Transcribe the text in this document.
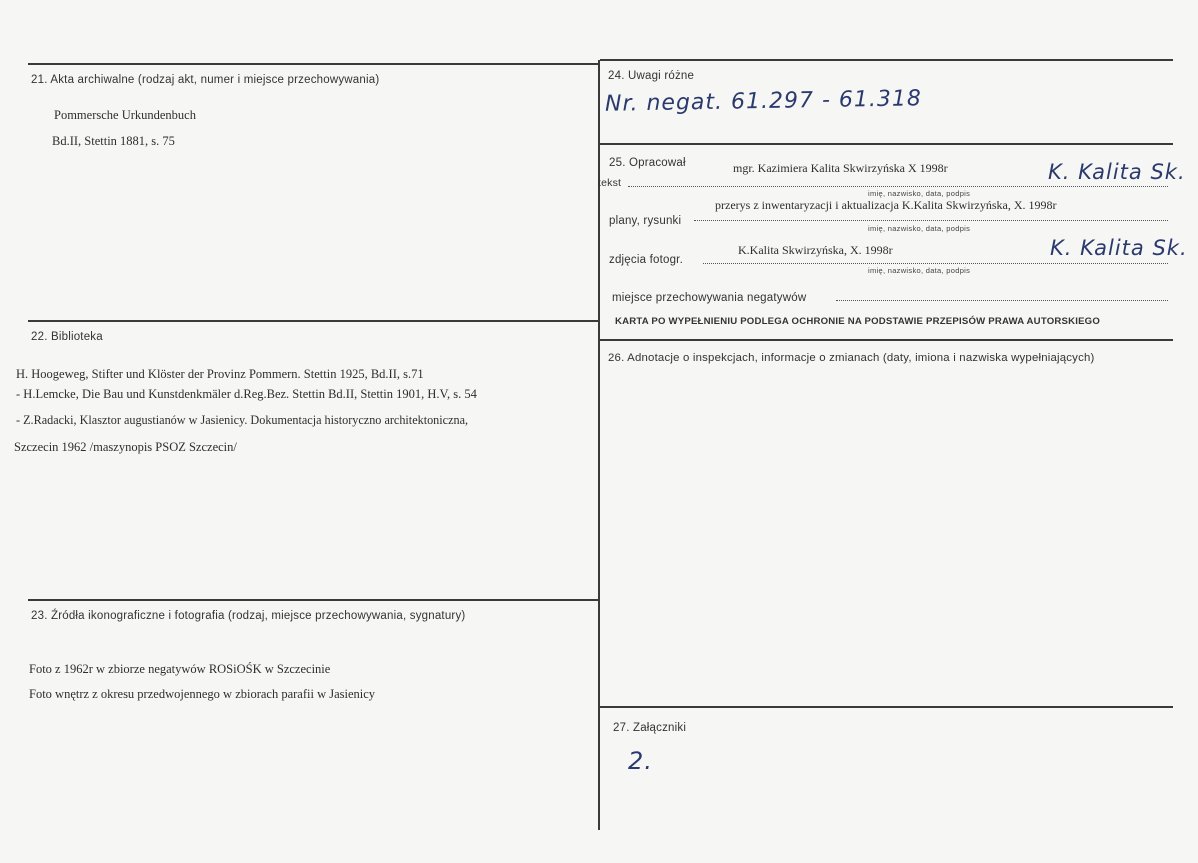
21. Akta archiwalne (rodzaj akt, numer i miejsce przechowywania)
Pommersche Urkundenbuch
Bd.II, Stettin 1881, s. 75
22. Biblioteka
H. Hoogeweg, Stifter und Klöster der Provinz Pommern. Stettin 1925, Bd.II, s.71
- H.Lemcke, Die Bau und Kunstdenkmäler d.Reg.Bez. Stettin Bd.II, Stettin 1901, H.V, s. 54
- Z.Radacki, Klasztor augustianów w Jasienicy. Dokumentacja historyczno architektoniczna,
Szczecin 1962 /maszynopis PSOZ Szczecin/
23. Źródła ikonograficzne i fotografia (rodzaj, miejsce przechowywania, sygnatury)
Foto z 1962r w zbiorze negatywów ROSiOŚK w Szczecinie
Foto wnętrz z okresu przedwojennego w zbiorach parafii w Jasienicy
24. Uwagi różne
Nr. negat. 61.297 - 61.318
25. Opracował
tekst
mgr. Kazimiera Kalita Skwirzyńska X 1998r	K. Kalita Sk.
imię, nazwisko, data, podpis
plany, rysunki
przerys z inwentaryzacji i aktualizacja K.Kalita Skwirzyńska, X. 1998r
imię, nazwisko, data, podpis
zdjęcia fotogr.
K.Kalita Skwirzyńska, X. 1998r	K. Kalita Sk.
imię, nazwisko, data, podpis
miejsce przechowywania negatywów
KARTA PO WYPEŁNIENIU PODLEGA OCHRONIE NA PODSTAWIE PRZEPISÓW PRAWA AUTORSKIEGO
26. Adnotacje o inspekcjach, informacje o zmianach (daty, imiona i nazwiska wypełniających)
27. Załączniki
2.
